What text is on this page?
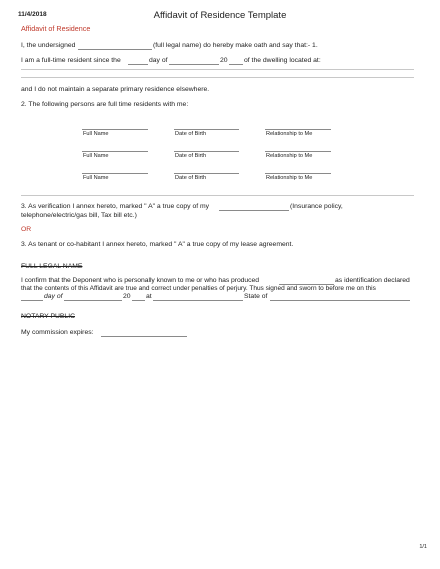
11/4/2018	Affidavit of Residence Template
Affidavit of Residence
I, the undersigned	(full legal name) do hereby make oath and say that:- 1.
I am a full-time resident since the	day of	20 of the dwelling located at:
and I do not maintain a separate primary residence elsewhere.
2. The following persons are full time residents with me:
Full Name	Date of Birth	Relationship to Me
Full Name	Date of Birth	Relationship to Me
Full Name	Date of Birth	Relationship to Me
3. As verification I annex hereto, marked " A" a true copy of my	(Insurance policy,
telephone/electric/gas bill, Tax bill etc.)
OR
3. As tenant or co-habitant I annex hereto, marked " A" a true copy of my lease agreement.
FULL LEGAL NAME
I confirm that the Deponent who is personally known to me or who has produced	as identification declared
that the contents of this Affidavit are true and correct under penalties of perjury. Thus signed and sworn to before me on this
day of	20 at	State of
NOTARY PUBLIC
My commission expires:
1/1
